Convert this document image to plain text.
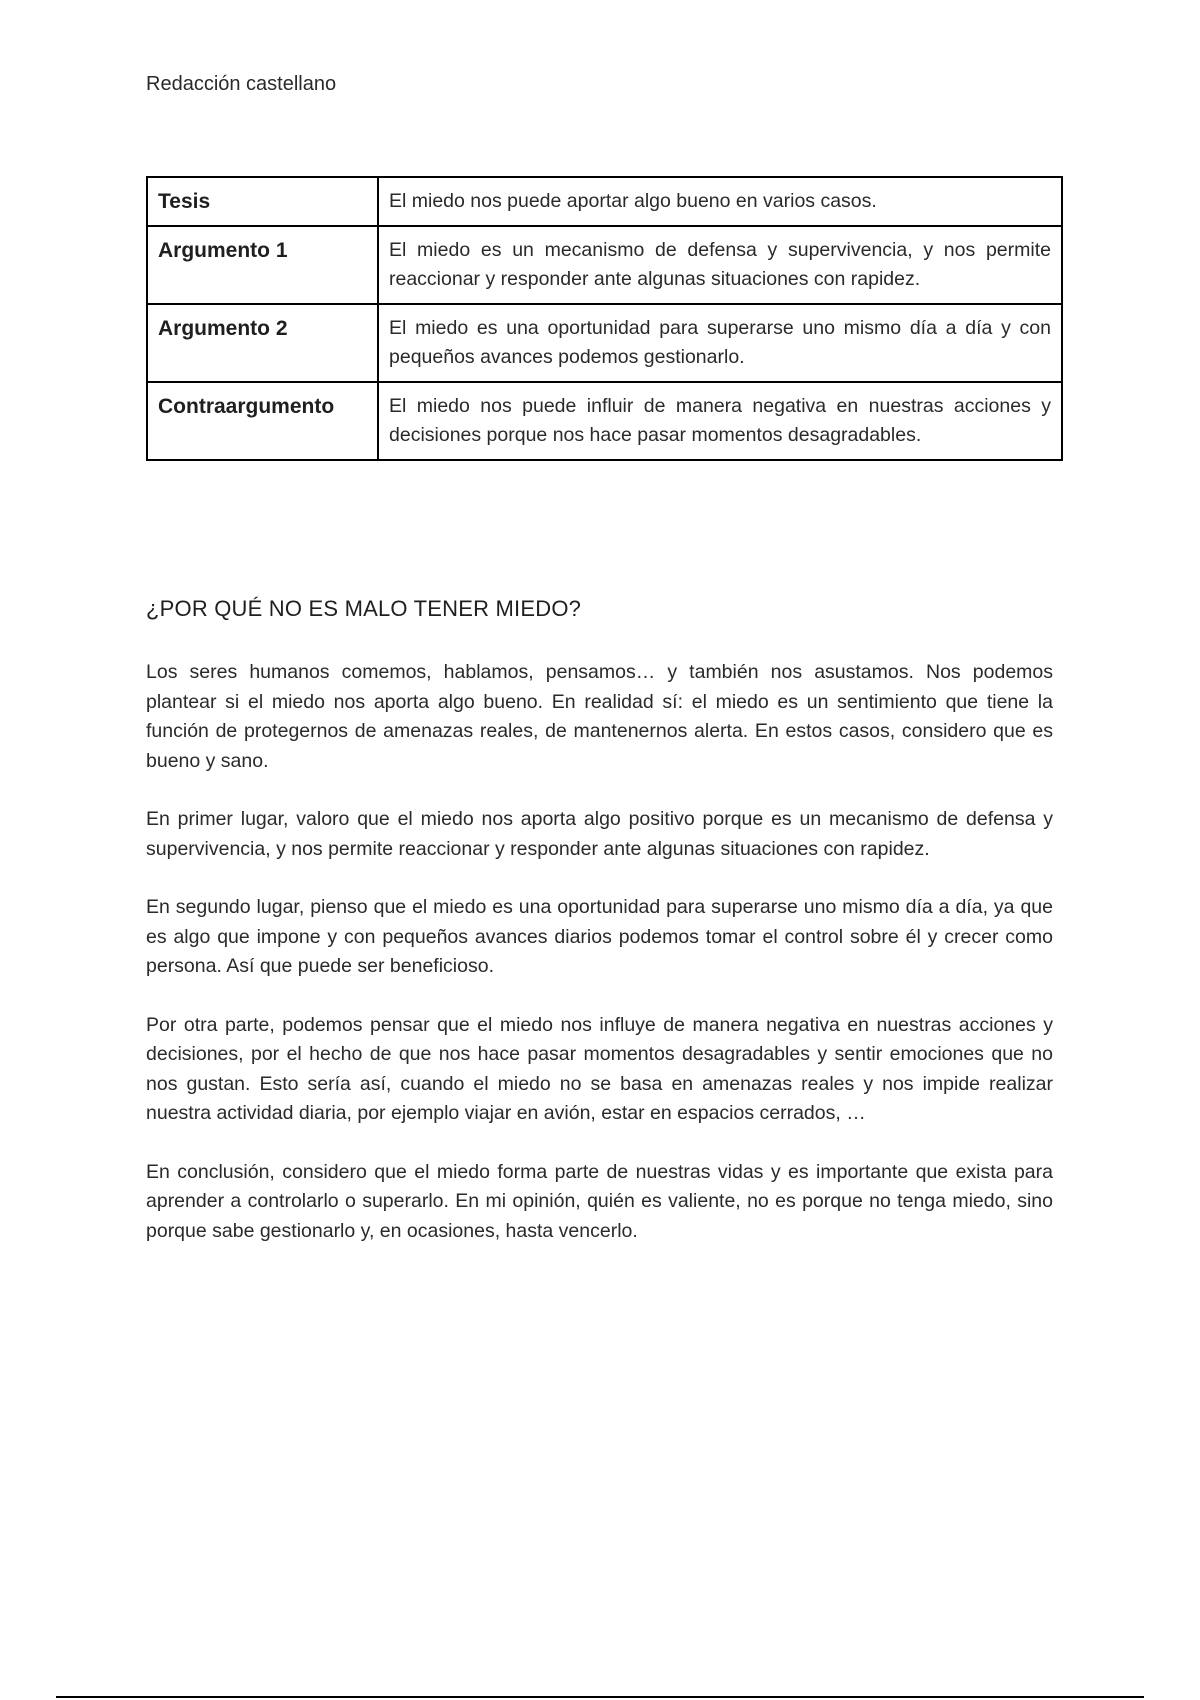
Redacción castellano
Tesis	El miedo nos puede aportar algo bueno en varios casos.
Argumento 1	El miedo es un mecanismo de defensa y supervivencia, y nos permite reaccionar y responder ante algunas situaciones con rapidez.
Argumento 2	El miedo es una oportunidad para superarse uno mismo día a día y con pequeños avances podemos gestionarlo.
Contraargumento	El miedo nos puede influir de manera negativa en nuestras acciones y decisiones porque nos hace pasar momentos desagradables.
¿POR QUÉ NO ES MALO TENER MIEDO?

Los seres humanos comemos, hablamos, pensamos… y también nos asustamos. Nos podemos plantear si el miedo nos aporta algo bueno. En realidad sí: el miedo es un sentimiento que tiene la función de protegernos de amenazas reales, de mantenernos alerta. En estos casos, considero que es bueno y sano.

En primer lugar, valoro que el miedo nos aporta algo positivo porque es un mecanismo de defensa y supervivencia, y nos permite reaccionar y responder ante algunas situaciones con rapidez.

En segundo lugar, pienso que el miedo es una oportunidad para superarse uno mismo día a día, ya que es algo que impone y con pequeños avances diarios podemos tomar el control sobre él y crecer como persona. Así que puede ser beneficioso.

Por otra parte, podemos pensar que el miedo nos influye de manera negativa en nuestras acciones y decisiones, por el hecho de que nos hace pasar momentos desagradables y sentir emociones que no nos gustan. Esto sería así, cuando el miedo no se basa en amenazas reales y nos impide realizar nuestra actividad diaria, por ejemplo viajar en avión, estar en espacios cerrados, …

En conclusión, considero que el miedo forma parte de nuestras vidas y es importante que exista para aprender a controlarlo o superarlo. En mi opinión, quién es valiente, no es porque no tenga miedo, sino porque sabe gestionarlo y, en ocasiones, hasta vencerlo.
